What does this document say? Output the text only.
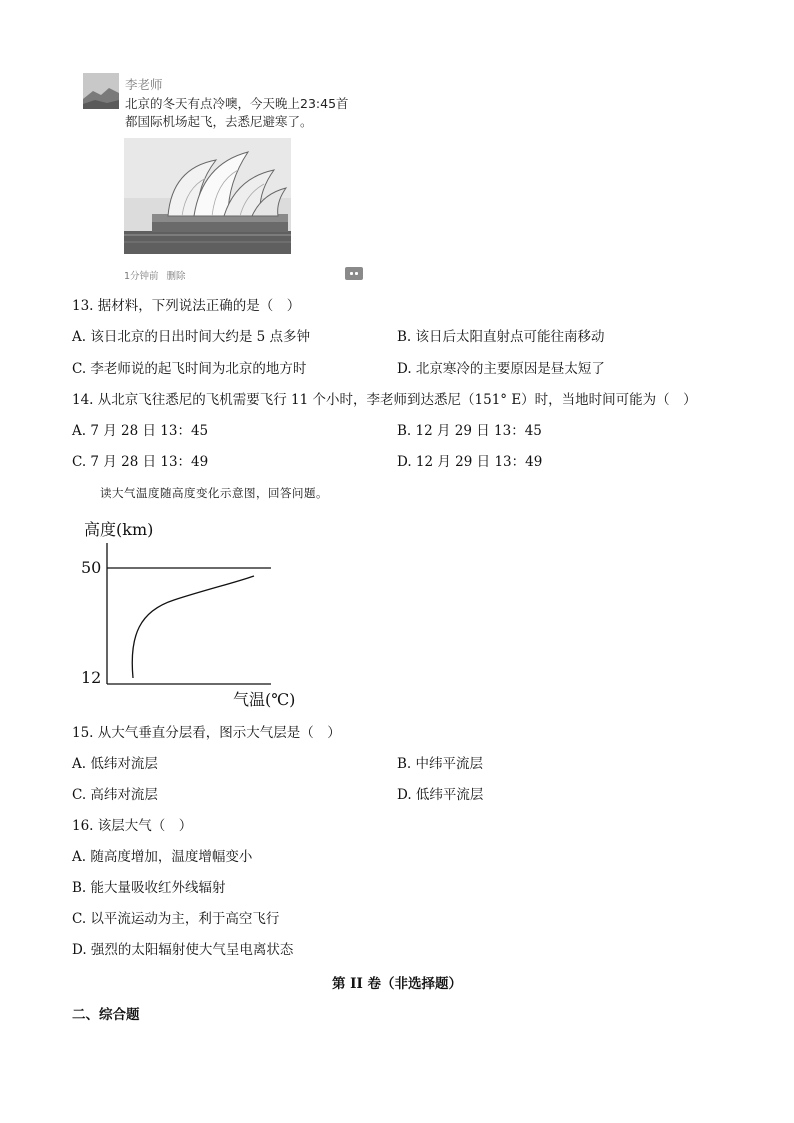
李老师
北京的冬天有点冷噢，今天晚上23:45首
都国际机场起飞，去悉尼避寒了。
1分钟前 删除
13. 据材料，下列说法正确的是（　）
A. 该日北京的日出时间大约是 5 点多钟	B. 该日后太阳直射点可能往南移动
C. 李老师说的起飞时间为北京的地方时	D. 北京寒冷的主要原因是昼太短了
14. 从北京飞往悉尼的飞机需要飞行 11 个小时，李老师到达悉尼（151° E）时，当地时间可能为（　）
A. 7 月 28 日 13：45	B. 12 月 29 日 13：45
C. 7 月 28 日 13：49	D. 12 月 29 日 13：49
读大气温度随高度变化示意图，回答问题。
高度(km)
50
12
气温(℃)
15. 从大气垂直分层看，图示大气层是（　）
A. 低纬对流层	B. 中纬平流层
C. 高纬对流层	D. 低纬平流层
16. 该层大气（　）
A. 随高度增加，温度增幅变小
B. 能大量吸收红外线辐射
C. 以平流运动为主，利于高空飞行
D. 强烈的太阳辐射使大气呈电离状态
第 II 卷（非选择题）
二、综合题
